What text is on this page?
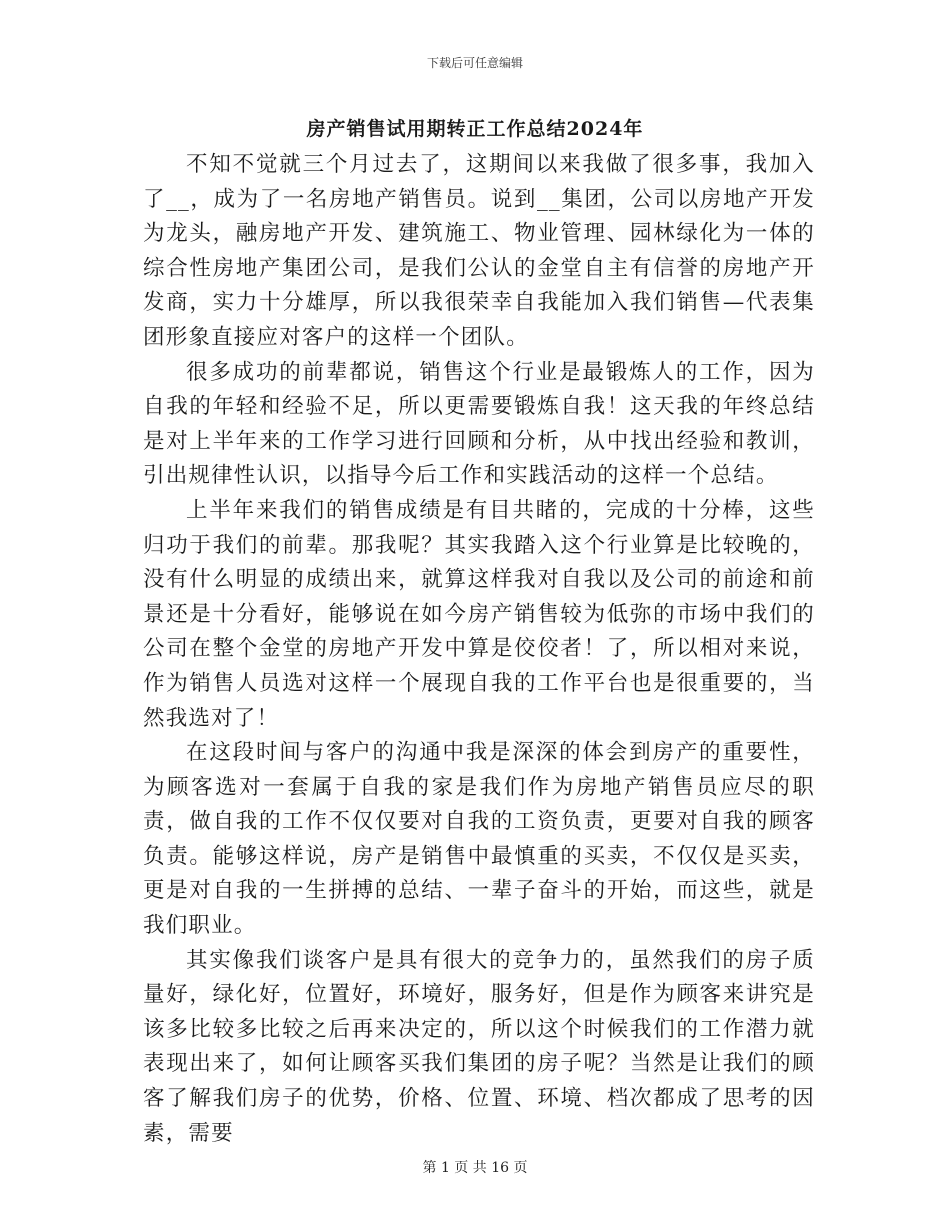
下载后可任意编辑
房产销售试用期转正工作总结2024年

不知不觉就三个月过去了，这期间以来我做了很多事，我加入了__，成为了一名房地产销售员。说到__集团，公司以房地产开发为龙头，融房地产开发、建筑施工、物业管理、园林绿化为一体的综合性房地产集团公司，是我们公认的金堂自主有信誉的房地产开发商，实力十分雄厚，所以我很荣幸自我能加入我们销售—代表集团形象直接应对客户的这样一个团队。

很多成功的前辈都说，销售这个行业是最锻炼人的工作，因为自我的年轻和经验不足，所以更需要锻炼自我！这天我的年终总结是对上半年来的工作学习进行回顾和分析，从中找出经验和教训，引出规律性认识，以指导今后工作和实践活动的这样一个总结。

上半年来我们的销售成绩是有目共睹的，完成的十分棒，这些归功于我们的前辈。那我呢？其实我踏入这个行业算是比较晚的，没有什么明显的成绩出来，就算这样我对自我以及公司的前途和前景还是十分看好，能够说在如今房产销售较为低弥的市场中我们的公司在整个金堂的房地产开发中算是佼佼者！了，所以相对来说，作为销售人员选对这样一个展现自我的工作平台也是很重要的，当然我选对了！

在这段时间与客户的沟通中我是深深的体会到房产的重要性，为顾客选对一套属于自我的家是我们作为房地产销售员应尽的职责，做自我的工作不仅仅要对自我的工资负责，更要对自我的顾客负责。能够这样说，房产是销售中最慎重的买卖，不仅仅是买卖，更是对自我的一生拼搏的总结、一辈子奋斗的开始，而这些，就是我们职业。

其实像我们谈客户是具有很大的竞争力的，虽然我们的房子质量好，绿化好，位置好，环境好，服务好，但是作为顾客来讲究是该多比较多比较之后再来决定的，所以这个时候我们的工作潜力就表现出来了，如何让顾客买我们集团的房子呢？当然是让我们的顾客了解我们房子的优势，价格、位置、环境、档次都成了思考的因素，需要

第 1 页 共 16 页
